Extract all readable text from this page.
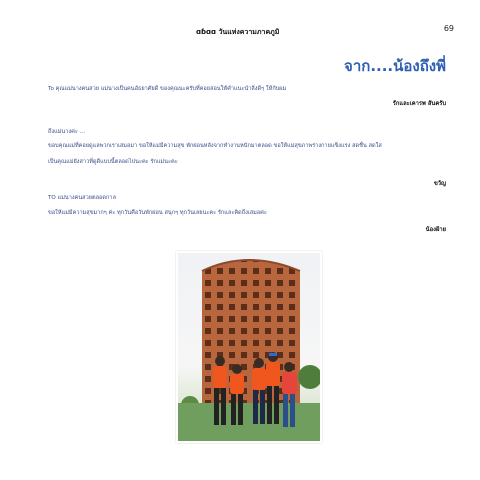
ɑɓɑɑ วันแห่งความภาคภูมิ	69
จาก....น้องถึงพี่
To คุณแม่นางคนสวย แม่นางเป็นคนอัธยาศัยดี ของคุณนะครับที่คอยสอนให้คำแนะนำสิ่งดีๆ ให้กับผม
รักและเคารพ สันครับ
ถึงแม่นางค่ะ ...
ขอบคุณแม่ที่คอยดูแลพวกเราเสมอมา ขอให้แม่มีความสุข พักผ่อนหลังจากทำงานหนักมาตลอด ขอให้แม่สุขภาพร่างกายแข็งแรง สดชื่น สดใส
เป็นคุณแม่ยังสาวที่ดูดีแบบนี้ตลอดไปนะคะ รักแม่นะคะ
ขวัญ
TO แม่นางคนสวยตลอดกาล
ขอให้แม่มีความสุขมากๆ ค่ะ ทุกวันคือวันพักผ่อน สนุกๆ ทุกวันเลยนะคะ รักและคิดถึงเสมอค่ะ
น้องฝ้าย
